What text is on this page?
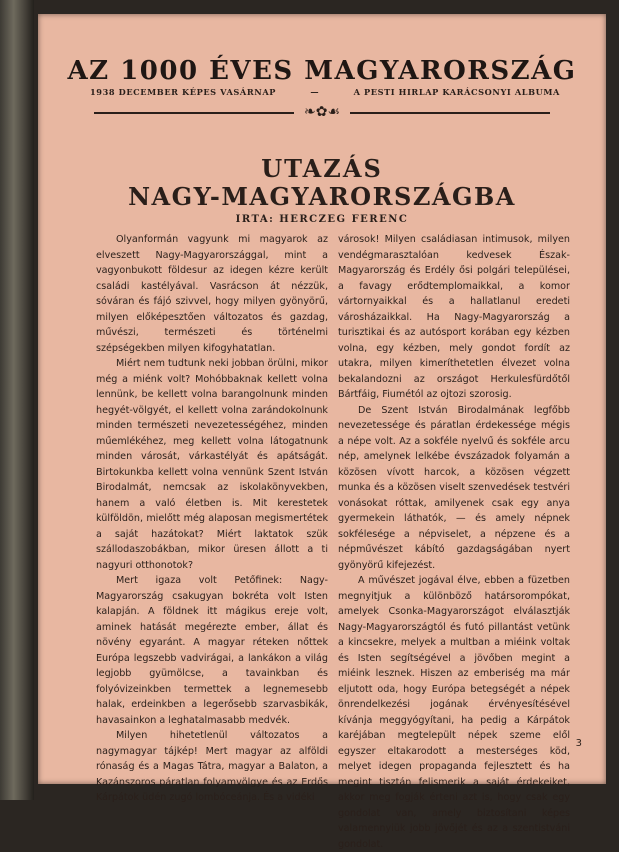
AZ 1000 ÉVES MAGYARORSZÁG
1938 DECEMBER KÉPES VASÁRNAP	—	A PESTI HIRLAP KARÁCSONYI ALBUMA
❧✿☙
UTAZÁS
NAGY-MAGYARORSZÁGBA
IRTA: HERCZEG FERENC

Olyanformán vagyunk mi magyarok az elveszett Nagy-Magyarországgal, mint a vagyonbukott földesur az idegen kézre került családi kastélyával. Vasrácson át nézzük, sóváran és fájó szivvel, hogy milyen gyönyörű, milyen előképesztően változatos és gazdag, művészi, természeti és történelmi szépségekben milyen kifogyhatatlan.

Miért nem tudtunk neki jobban örülni, mikor még a miénk volt? Mohóbbaknak kellett volna lennünk, be kellett volna barangolnunk minden hegyét-völgyét, el kellett volna zarándokolnunk minden természeti nevezetességéhez, minden műemlékéhez, meg kellett volna látogatnunk minden városát, várkastélyát és apátságát. Birtokunkba kellett volna vennünk Szent István Birodalmát, nemcsak az iskolakönyvekben, hanem a való életben is. Mit kerestetek külföldön, mielőtt még alaposan megismertétek a saját hazátokat? Miért laktatok szük szállodaszobákban, mikor üresen állott a ti nagyuri otthonotok?

Mert igaza volt Petőfinek: Nagy-Magyarország csakugyan bokréta volt Isten kalapján. A földnek itt mágikus ereje volt, aminek hatását megérezte ember, állat és növény egyaránt. A magyar réteken nőttek Európa legszebb vadvirágai, a lankákon a világ legjobb gyümölcse, a tavainkban és folyóvizeinkben termettek a legnemesebb halak, erdeinkben a legerősebb szarvasbikák, havasainkon a leghatalmasabb medvék.

Milyen hihetetlenül változatos a nagymagyar tájkép! Mert magyar az alföldi rónaság és a Magas Tátra, magyar a Balaton, a Kazánszoros páratlan folyamvölgye és az Erdős Kárpátok üdén zugó lombóceánja. És a vidéki

városok! Milyen családiasan intimusok, milyen vendégmarasztalóan kedvesek Észak-Magyarország és Erdély ősi polgári települései, a favagy erődtemplomaikkal, a komor vártornyaikkal és a hallatlanul eredeti városházaikkal. Ha Nagy-Magyarország a turisztikai és az autósport korában egy kézben volna, egy kézben, mely gondot fordít az utakra, milyen kimeríthetetlen élvezet volna bekalandozni az országot Herkulesfürdőtől Bártfáig, Fiumétól az ojtozi szorosig.

De Szent István Birodalmának legfőbb nevezetessége és páratlan érdekessége mégis a népe volt. Az a sokféle nyelvű és sokféle arcu nép, amelynek lelkébe évszázadok folyamán a közösen vívott harcok, a közösen végzett munka és a közösen viselt szenvedések testvéri vonásokat róttak, amilyenek csak egy anya gyermekein láthatók, — és amely népnek sokfélesége a népviselet, a népzene és a népművészet kábító gazdagságában nyert gyönyörű kifejezést.

A művészet jogával élve, ebben a füzetben megnyitjuk a különböző határsorompókat, amelyek Csonka-Magyarországot elválasztják Nagy-Magyarországtól és futó pillantást vetünk a kincsekre, melyek a multban a miéink voltak és Isten segítségével a jövőben megint a miéink lesznek. Hiszen az emberiség ma már eljutott oda, hogy Európa betegségét a népek önrendelkezési jogának érvényesítésével kívánja meggyógyítani, ha pedig a Kárpátok karéjában megtelepült népek szeme elől egyszer eltakarodott a mesterséges köd, melyet idegen propaganda fejlesztett és ha megint tisztán felismerik a saját érdekeiket, akkor meg fogják érteni azt is, hogy csak egy gondolat van, amely biztosítani képes valamennyiük jobb jövőjét és az a szentistváni gondolat.

3
